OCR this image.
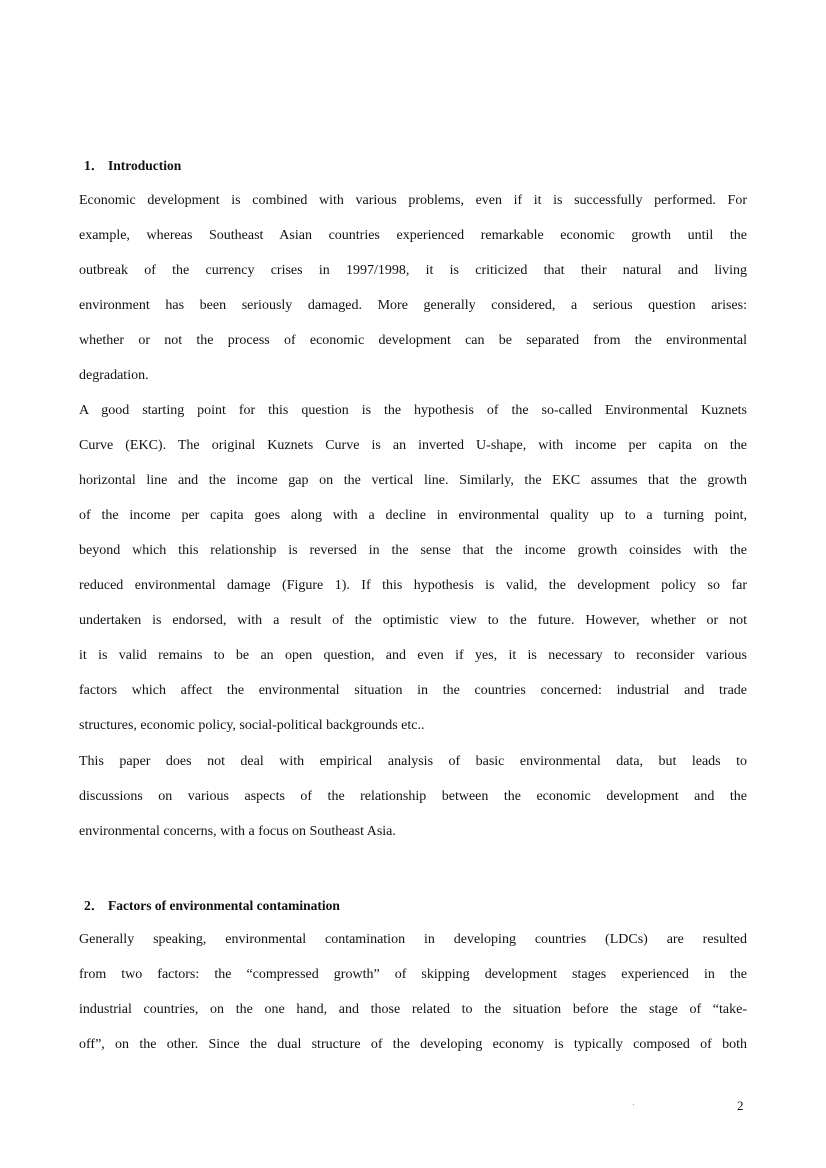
1． Introduction
Economic development is combined with various problems, even if it is successfully performed. For
example, whereas Southeast Asian countries experienced remarkable economic growth until the
outbreak of the currency crises in 1997/1998, it is criticized that their natural and living
environment has been seriously damaged. More generally considered, a serious question arises:
whether or not the process of economic development can be separated from the environmental
degradation.
A good starting point for this question is the hypothesis of the so-called Environmental Kuznets
Curve (EKC). The original Kuznets Curve is an inverted U-shape, with income per capita on the
horizontal line and the income gap on the vertical line. Similarly, the EKC assumes that the growth
of the income per capita goes along with a decline in environmental quality up to a turning point,
beyond which this relationship is reversed in the sense that the income growth coinsides with the
reduced environmental damage (Figure 1). If this hypothesis is valid, the development policy so far
undertaken is endorsed, with a result of the optimistic view to the future. However, whether or not
it is valid remains to be an open question, and even if yes, it is necessary to reconsider various
factors which affect the environmental situation in the countries concerned: industrial and trade
structures, economic policy, social-political backgrounds etc..
This paper does not deal with empirical analysis of basic environmental data, but leads to
discussions on various aspects of the relationship between the economic development and the
environmental concerns, with a focus on Southeast Asia.
2． Factors of environmental contamination
Generally speaking, environmental contamination in developing countries (LDCs) are resulted
from two factors: the “compressed growth” of skipping development stages experienced in the
industrial countries, on the one hand, and those related to the situation before the stage of “take-
off”, on the other. Since the dual structure of the developing economy is typically composed of both
2
